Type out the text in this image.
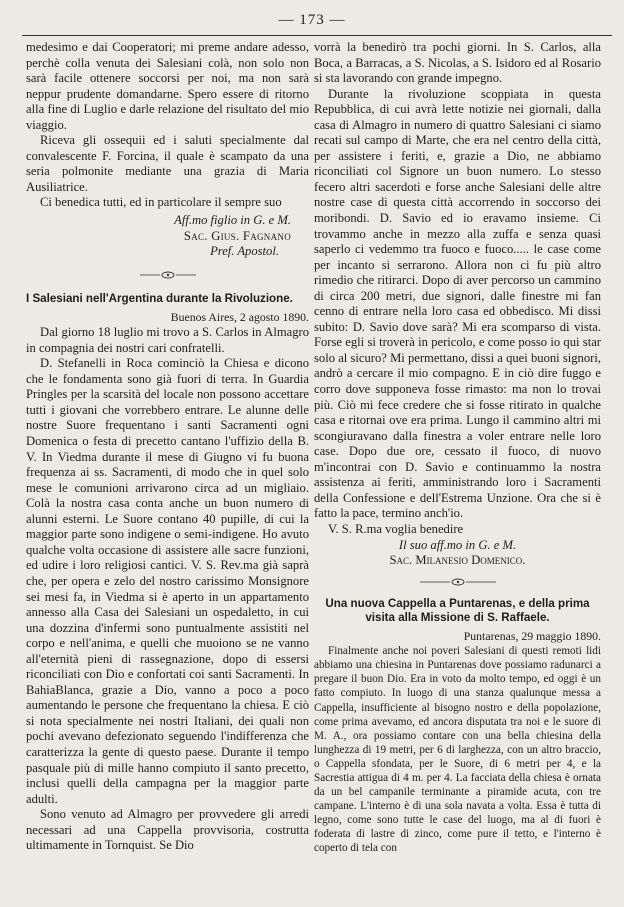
— 173 —

medesimo e dai Cooperatori; mi preme andare adesso, perchè colla venuta dei Salesiani colà, non solo non sarà facile ottenere soccorsi per noi, ma non sarà neppur prudente domandarne. Spero essere di ritorno alla fine di Luglio e darle relazione del risultato del mio viaggio.

Riceva gli ossequii ed i saluti specialmente dal convalescente F. Forcina, il quale è scampato da una seria polmonite mediante una grazia di Maria Ausiliatrice.

Ci benedica tutti, ed in particolare il sempre suo

Aff.mo figlio in G. e M.

Sac. Gius. Fagnano

Pref. Apostol.

I Salesiani nell'Argentina durante la Rivoluzione.

Buenos Aires, 2 agosto 1890.

Dal giorno 18 luglio mi trovo a S. Carlos in Almagro in compagnia dei nostri cari confratelli.

D. Stefanelli in Roca cominciò la Chiesa e dicono che le fondamenta sono già fuori di terra. In Guardia Pringles per la scarsità del locale non possono accettare tutti i giovani che vorrebbero entrare. Le alunne delle nostre Suore frequentano i santi Sacramenti ogni Domenica o festa di precetto cantano l'uffizio della B. V. In Viedma durante il mese di Giugno vi fu buona frequenza ai ss. Sacramenti, di modo che in quel solo mese le comunioni arrivarono circa ad un migliaio. Colà la nostra casa conta anche un buon numero di alunni esterni. Le Suore contano 40 pupille, di cui la maggior parte sono indigene o semi-indigene. Ho avuto qualche volta occasione di assistere alle sacre funzioni, ed udire i loro religiosi cantici. V. S. Rev.ma già saprà che, per opera e zelo del nostro carissimo Monsignore sei mesi fa, in Viedma si è aperto in un appartamento annesso alla Casa dei Salesiani un ospedaletto, in cui una dozzina d'infermi sono puntualmente assistiti nel corpo e nell'anima, e quelli che muoiono se ne vanno all'eternità pieni di rassegnazione, dopo di essersi riconciliati con Dio e confortati coi santi Sacramenti. In BahiaBlanca, grazie a Dio, vanno a poco a poco aumentando le persone che frequentano la chiesa. E ciò si nota specialmente nei nostri Italiani, dei quali non pochi avevano defezionato seguendo l'indifferenza che caratterizza la gente di questo paese. Durante il tempo pasquale più di mille hanno compiuto il santo precetto, inclusi quelli della campagna per la maggior parte adulti.

Sono venuto ad Almagro per provvedere gli arredi necessari ad una Cappella provvisoria, costrutta ultimamente in Tornquist. Se Dio

vorrà la benedirò tra pochi giorni. In S. Carlos, alla Boca, a Barracas, a S. Nicolas, a S. Isidoro ed al Rosario si sta lavorando con grande impegno.

Durante la rivoluzione scoppiata in questa Repubblica, di cui avrà lette notizie nei giornali, dalla casa di Almagro in numero di quattro Salesiani ci siamo recati sul campo di Marte, che era nel centro della città, per assistere i feriti, e, grazie a Dio, ne abbiamo riconciliati col Signore un buon numero. Lo stesso fecero altri sacerdoti e forse anche Salesiani delle altre nostre case di questa città accorrendo in soccorso dei moribondi. D. Savio ed io eravamo insieme. Ci trovammo anche in mezzo alla zuffa e senza quasi saperlo ci vedemmo tra fuoco e fuoco..... le case come per incanto si serrarono. Allora non ci fu più altro rimedio che ritirarci. Dopo di aver percorso un cammino di circa 200 metri, due signori, dalle finestre mi fan cenno di entrare nella loro casa ed obbedisco. Mi dissi subito: D. Savio dove sarà? Mi era scomparso di vista. Forse egli si troverà in pericolo, e come posso io qui star solo al sicuro? Mi permettano, dissi a quei buoni signori, andrò a cercare il mio compagno. E in ciò dire fuggo e corro dove supponeva fosse rimasto: ma non lo trovai più. Ciò mi fece credere che si fosse ritirato in qualche casa e ritornai ove era prima. Lungo il cammino altri mi scongiuravano dalla finestra a voler entrare nelle loro case. Dopo due ore, cessato il fuoco, di nuovo m'incontrai con D. Savio e continuammo la nostra assistenza ai feriti, amministrando loro i Sacramenti della Confessione e dell'Estrema Unzione. Ora che si è fatto la pace, termino anch'io.

V. S. R.ma voglia benedire

Il suo aff.mo in G. e M.

Sac. Milanesio Domenico.

Una nuova Cappella a Puntarenas, e della prima visita alla Missione di S. Raffaele.

Puntarenas, 29 maggio 1890.

Finalmente anche noi poveri Salesiani di questi remoti lidi abbiamo una chiesina in Puntarenas dove possiamo radunarci a pregare il buon Dio. Era in voto da molto tempo, ed oggi è un fatto compiuto. In luogo di una stanza qualunque messa a Cappella, insufficiente al bisogno nostro e della popolazione, come prima avevamo, ed ancora disputata tra noi e le suore di M. A., ora possiamo contare con una bella chiesina della lunghezza di 19 metri, per 6 di larghezza, con un altro braccio, o Cappella sfondata, per le Suore, di 6 metri per 4, e la Sacrestia attigua di 4 m. per 4. La facciata della chiesa è ornata da un bel campanile terminante a piramide acuta, con tre campane. L'interno è di una sola navata a volta. Essa è tutta di legno, come sono tutte le case del luogo, ma al di fuori è foderata di lastre di zinco, come pure il tetto, e l'interno è coperto di tela con
